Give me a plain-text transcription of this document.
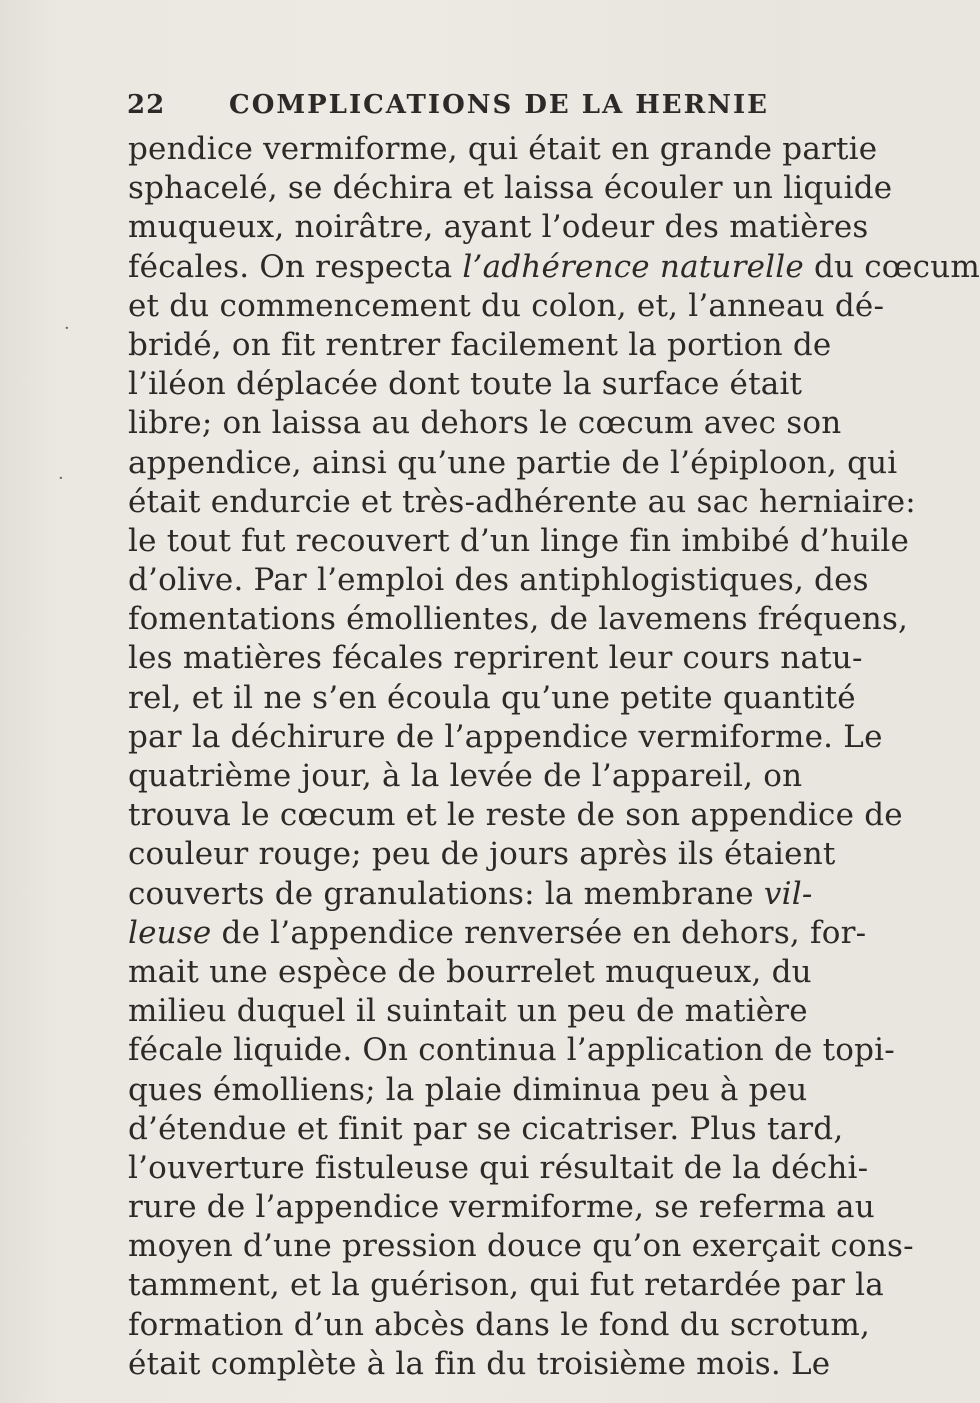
22 COMPLICATIONS DE LA HERNIE
pendice vermiforme, qui était en grande partie
sphacelé, se déchira et laissa écouler un liquide
muqueux, noirâtre, ayant l’odeur des matières
fécales. On respecta l’adhérence naturelle du cœcum
et du commencement du colon, et, l’anneau dé-
bridé, on fit rentrer facilement la portion de
l’iléon déplacée dont toute la surface était
libre; on laissa au dehors le cœcum avec son
appendice, ainsi qu’une partie de l’épiploon, qui
était endurcie et très-adhérente au sac herniaire:
le tout fut recouvert d’un linge fin imbibé d’huile
d’olive. Par l’emploi des antiphlogistiques, des
fomentations émollientes, de lavemens fréquens,
les matières fécales reprirent leur cours natu-
rel, et il ne s’en écoula qu’une petite quantité
par la déchirure de l’appendice vermiforme. Le
quatrième jour, à la levée de l’appareil, on
trouva le cœcum et le reste de son appendice de
couleur rouge; peu de jours après ils étaient
couverts de granulations: la membrane vil-
leuse de l’appendice renversée en dehors, for-
mait une espèce de bourrelet muqueux, du
milieu duquel il suintait un peu de matière
fécale liquide. On continua l’application de topi-
ques émolliens; la plaie diminua peu à peu
d’étendue et finit par se cicatriser. Plus tard,
l’ouverture fistuleuse qui résultait de la déchi-
rure de l’appendice vermiforme, se referma au
moyen d’une pression douce qu’on exerçait cons-
tamment, et la guérison, qui fut retardée par la
formation d’un abcès dans le fond du scrotum,
était complète à la fin du troisième mois. Le
·
·
